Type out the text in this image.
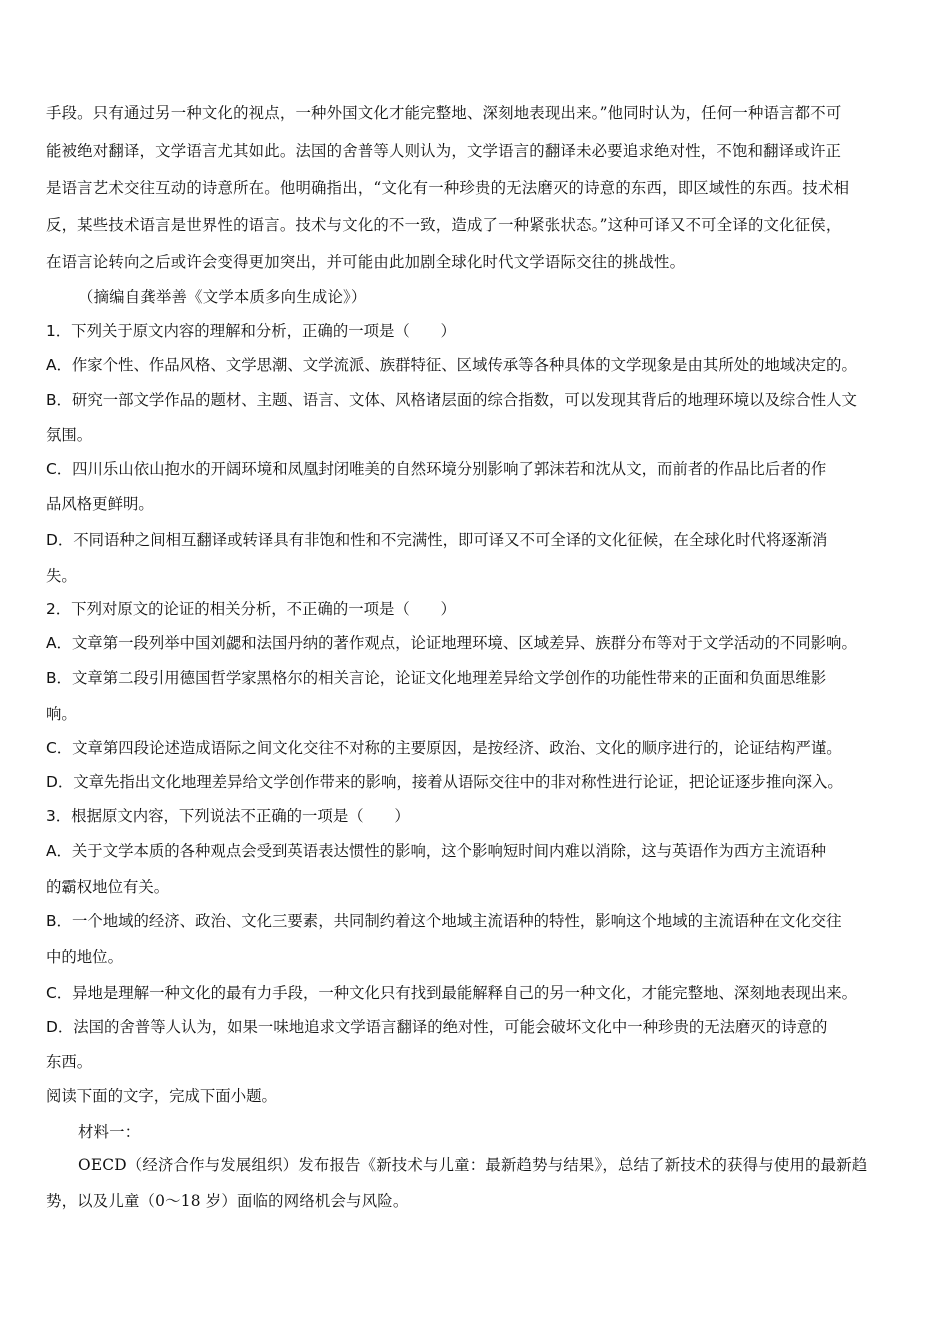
手段。只有通过另一种文化的视点，一种外国文化才能完整地、深刻地表现出来。”他同时认为，任何一种语言都不可
能被绝对翻译，文学语言尤其如此。法国的舍普等人则认为，文学语言的翻译未必要追求绝对性，不饱和翻译或许正
是语言艺术交往互动的诗意所在。他明确指出，“文化有一种珍贵的无法磨灭的诗意的东西，即区域性的东西。技术相
反，某些技术语言是世界性的语言。技术与文化的不一致，造成了一种紧张状态。”这种可译又不可全译的文化征侯，
在语言论转向之后或许会变得更加突出，并可能由此加剧全球化时代文学语际交往的挑战性。
（摘编自龚举善《文学本质多向生成论》）
1．下列关于原文内容的理解和分析，正确的一项是（　　）
A．作家个性、作品风格、文学思潮、文学流派、族群特征、区域传承等各种具体的文学现象是由其所处的地域决定的。
B．研究一部文学作品的题材、主题、语言、文体、风格诸层面的综合指数，可以发现其背后的地理环境以及综合性人文
氛围。
C．四川乐山依山抱水的开阔环境和凤凰封闭唯美的自然环境分别影响了郭沫若和沈从文，而前者的作品比后者的作
品风格更鲜明。
D．不同语种之间相互翻译或转译具有非饱和性和不完满性，即可译又不可全译的文化征候，在全球化时代将逐渐消
失。
2．下列对原文的论证的相关分析，不正确的一项是（　　）
A．文章第一段列举中国刘勰和法国丹纳的著作观点，论证地理环境、区域差异、族群分布等对于文学活动的不同影响。
B．文章第二段引用德国哲学家黑格尔的相关言论，论证文化地理差异给文学创作的功能性带来的正面和负面思维影
响。
C．文章第四段论述造成语际之间文化交往不对称的主要原因，是按经济、政治、文化的顺序进行的，论证结构严谨。
D．文章先指出文化地理差异给文学创作带来的影响，接着从语际交往中的非对称性进行论证，把论证逐步推向深入。
3．根据原文内容，下列说法不正确的一项是（　　）
A．关于文学本质的各种观点会受到英语表达惯性的影响，这个影响短时间内难以消除，这与英语作为西方主流语种
的霸权地位有关。
B．一个地域的经济、政治、文化三要素，共同制约着这个地域主流语种的特性，影响这个地域的主流语种在文化交往
中的地位。
C．异地是理解一种文化的最有力手段，一种文化只有找到最能解释自己的另一种文化，才能完整地、深刻地表现出来。
D．法国的舍普等人认为，如果一味地追求文学语言翻译的绝对性，可能会破坏文化中一种珍贵的无法磨灭的诗意的
东西。
阅读下面的文字，完成下面小题。
材料一：
OECD（经济合作与发展组织）发布报告《新技术与儿童：最新趋势与结果》，总结了新技术的获得与使用的最新趋
势，以及儿童（0～18 岁）面临的网络机会与风险。
